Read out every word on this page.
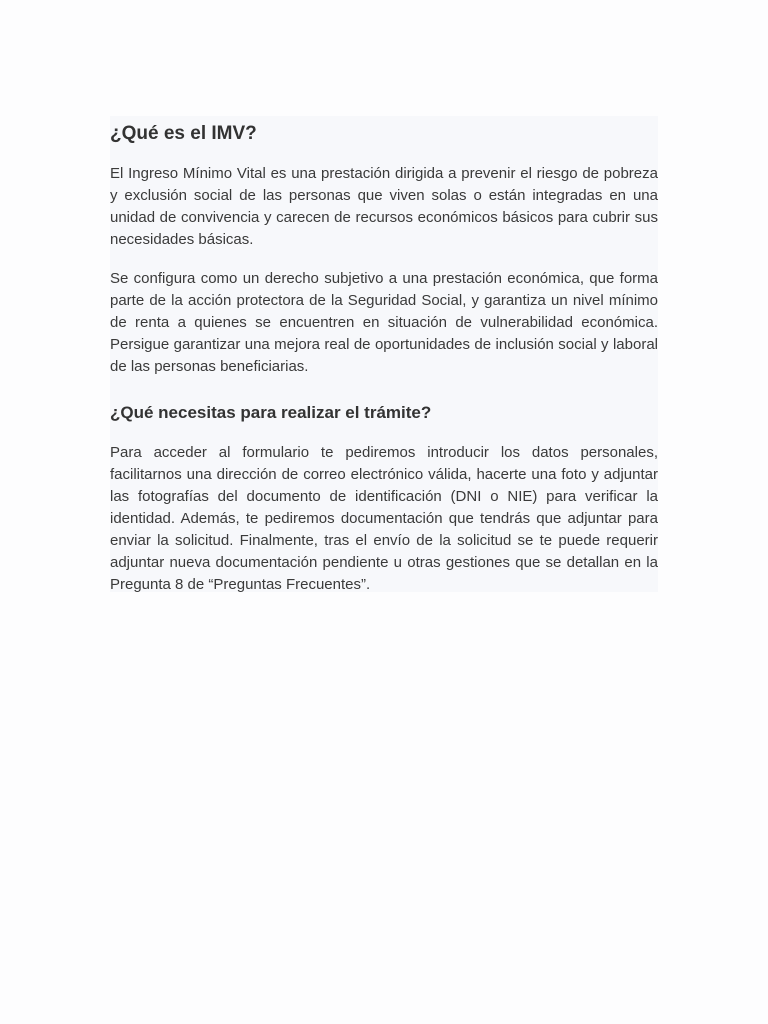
¿Qué es el IMV?

El Ingreso Mínimo Vital es una prestación dirigida a prevenir el riesgo de pobreza y exclusión social de las personas que viven solas o están integradas en una unidad de convivencia y carecen de recursos económicos básicos para cubrir sus necesidades básicas.

Se configura como un derecho subjetivo a una prestación económica, que forma parte de la acción protectora de la Seguridad Social, y garantiza un nivel mínimo de renta a quienes se encuentren en situación de vulnerabilidad económica. Persigue garantizar una mejora real de oportunidades de inclusión social y laboral de las personas beneficiarias.

¿Qué necesitas para realizar el trámite?

Para acceder al formulario te pediremos introducir los datos personales, facilitarnos una dirección de correo electrónico válida, hacerte una foto y adjuntar las fotografías del documento de identificación (DNI o NIE) para verificar la identidad. Además, te pediremos documentación que tendrás que adjuntar para enviar la solicitud. Finalmente, tras el envío de la solicitud se te puede requerir adjuntar nueva documentación pendiente u otras gestiones que se detallan en la Pregunta 8 de “Preguntas Frecuentes”.
